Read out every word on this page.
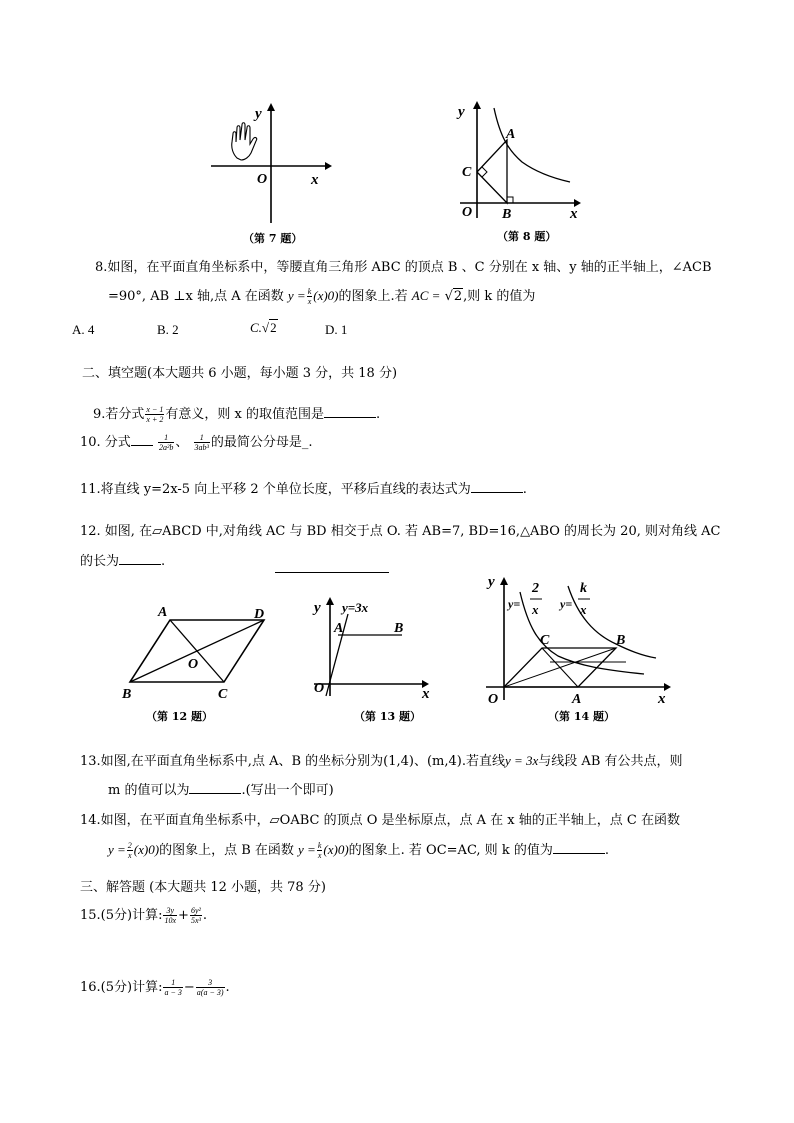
y
x
O
（第 7 题）
y
x
O
A
B
C
（第 8 题）
8.如图，在平面直角坐标系中，等腰直角三角形 ABC 的顶点 B 、C 分别在 x 轴、y 轴的正半轴上，∠ACB
=90°, AB ⊥x 轴,点 A 在函数 $y = \frac{k}{x} (x)0$)的图象上.若 AC = √2,则 k 的值为
A. 4	B. 2	C.√2	D. 1
二、填空题(本大题共 6 小题，每小题 3 分，共 18 分)
9.若分式 $\frac{x - 1}{x + 2}$ 有意义，则 x 的取值范围是	.
10. 分式	$\frac{1}{\text{2a²b}}$ 、 $\frac{1}{\text{3ab³}}$ 的最简公分母是_.
11.将直线 y=2x-5 向上平移 2 个单位长度，平移后直线的表达式为	.
12. 如图, 在▱ABCD 中,对角线 AC 与 BD 相交于点 O. 若 AB=7, BD=16,△ABO 的周长为 20, 则对角线 AC
的长为	.
A	D
B	C
O
（第 12 题）
y y=3x
A	B
O	x
（第 13 题）
y
y=
2
x y=
k
x
C	B
A
O	x
（第 14 题）
13.如图,在平面直角坐标系中,点 A、B 的坐标分别为(1,4)、(m,4).若直线y = 3x与线段 AB 有公共点，则
m 的值可以为	.(写出一个即可)
14.如图，在平面直角坐标系中，▱OABC 的顶点 O 是坐标原点，点 A 在 x 轴的正半轴上，点 C 在函数
$y = \frac{2}{x} (x)0$)的图象上，点 B 在函数 $y = \frac{k}{x} (x)0$)的图象上. 若 OC=AC, 则 k 的值为	.
三、解答题 (本大题共 12 小题，共 78 分)
15.(5分)计算: $\frac{3y}{10x} + \frac{\text{6y²}}{\text{5x³}}$ .
16.(5分)计算: $\frac{1}{a - 3} - \frac{3}{a(a - 3)}$ .
